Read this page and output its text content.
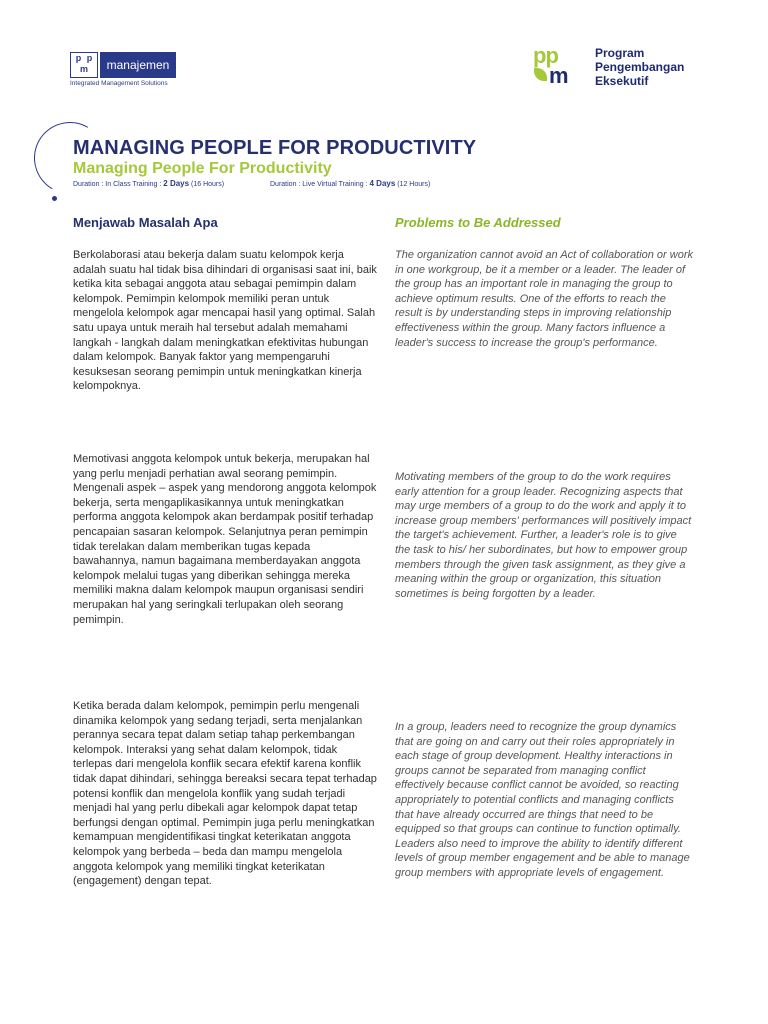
p p
m	manajemen
Integrated Management Solutions
pp
m
Program
Pengembangan
Eksekutif
MANAGING PEOPLE FOR PRODUCTIVITY
Managing People For Productivity
Duration : In Class Training : 2 Days (16 Hours)	Duration : Live Virtual Training : 4 Days (12 Hours)
Menjawab Masalah Apa

Berkolaborasi atau bekerja dalam suatu kelompok kerja adalah suatu hal tidak bisa dihindari di organisasi saat ini, baik ketika kita sebagai anggota atau sebagai pemimpin dalam kelompok. Pemimpin kelompok memiliki peran untuk mengelola kelompok agar mencapai hasil yang optimal. Salah satu upaya untuk meraih hal tersebut adalah memahami langkah - langkah dalam meningkatkan efektivitas hubungan dalam kelompok. Banyak faktor yang mempengaruhi kesuksesan seorang pemimpin untuk meningkatkan kinerja kelompoknya.

Memotivasi anggota kelompok untuk bekerja, merupakan hal yang perlu menjadi perhatian awal seorang pemimpin. Mengenali aspek – aspek yang mendorong anggota kelompok bekerja, serta mengaplikasikannya untuk meningkatkan performa anggota kelompok akan berdampak positif terhadap pencapaian sasaran kelompok. Selanjutnya peran pemimpin tidak terelakan dalam memberikan tugas kepada bawahannya, namun bagaimana memberdayakan anggota kelompok melalui tugas yang diberikan sehingga mereka memiliki makna dalam kelompok maupun organisasi sendiri merupakan hal yang seringkali terlupakan oleh seorang pemimpin.

Ketika berada dalam kelompok, pemimpin perlu mengenali dinamika kelompok yang sedang terjadi, serta menjalankan perannya secara tepat dalam setiap tahap perkembangan kelompok. Interaksi yang sehat dalam kelompok, tidak terlepas dari mengelola konflik secara efektif karena konflik tidak dapat dihindari, sehingga bereaksi secara tepat terhadap potensi konflik dan mengelola konflik yang sudah terjadi menjadi hal yang perlu dibekali agar kelompok dapat tetap berfungsi dengan optimal. Pemimpin juga perlu meningkatkan kemampuan mengidentifikasi tingkat keterikatan anggota kelompok yang berbeda – beda dan mampu mengelola anggota kelompok yang memiliki tingkat keterikatan (engagement) dengan tepat.

Problems to Be Addressed

The organization cannot avoid an Act of collaboration or work in one workgroup, be it a member or a leader. The leader of the group has an important role in managing the group to achieve optimum results. One of the efforts to reach the result is by understanding steps in improving relationship effectiveness within the group. Many factors influence a leader's success to increase the group's performance.

Motivating members of the group to do the work requires early attention for a group leader. Recognizing aspects that may urge members of a group to do the work and apply it to increase group members' performances will positively impact the target's achievement. Further, a leader's role is to give the task to his/ her subordinates, but how to empower group members through the given task assignment, as they give a meaning within the group or organization, this situation sometimes is being forgotten by a leader.

In a group, leaders need to recognize the group dynamics that are going on and carry out their roles appropriately in each stage of group development. Healthy interactions in groups cannot be separated from managing conflict effectively because conflict cannot be avoided, so reacting appropriately to potential conflicts and managing conflicts that have already occurred are things that need to be equipped so that groups can continue to function optimally. Leaders also need to improve the ability to identify different levels of group member engagement and be able to manage group members with appropriate levels of engagement.
